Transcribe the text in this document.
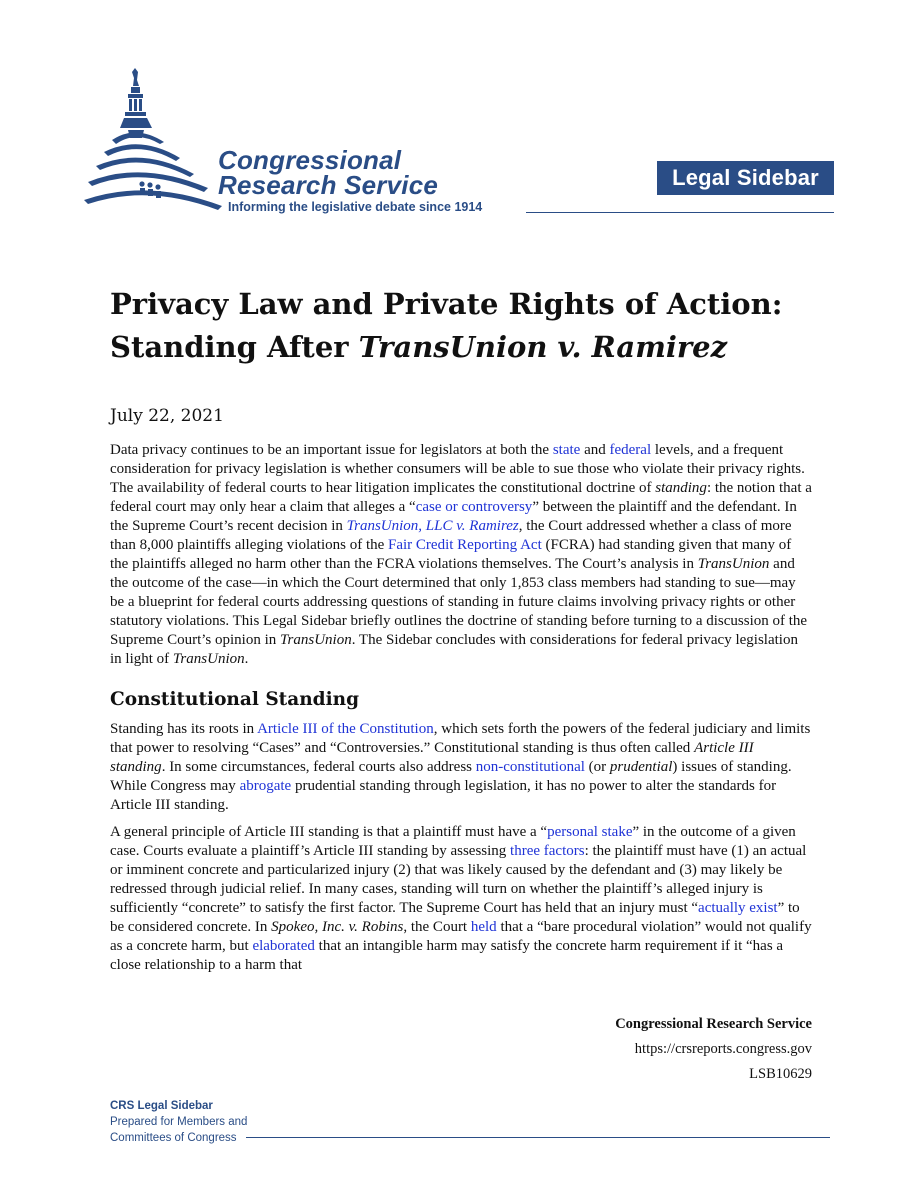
Congressional
Research Service
Informing the legislative debate since 1914
Legal Sidebar
Privacy Law and Private Rights of Action:
Standing After TransUnion v. Ramirez
July 22, 2021

Data privacy continues to be an important issue for legislators at both the state and federal levels, and a frequent consideration for privacy legislation is whether consumers will be able to sue those who violate their privacy rights. The availability of federal courts to hear litigation implicates the constitutional doctrine of standing: the notion that a federal court may only hear a claim that alleges a “case or controversy” between the plaintiff and the defendant. In the Supreme Court’s recent decision in TransUnion, LLC v. Ramirez, the Court addressed whether a class of more than 8,000 plaintiffs alleging violations of the Fair Credit Reporting Act (FCRA) had standing given that many of the plaintiffs alleged no harm other than the FCRA violations themselves. The Court’s analysis in TransUnion and the outcome of the case—in which the Court determined that only 1,853 class members had standing to sue—may be a blueprint for federal courts addressing questions of standing in future claims involving privacy rights or other statutory violations. This Legal Sidebar briefly outlines the doctrine of standing before turning to a discussion of the Supreme Court’s opinion in TransUnion. The Sidebar concludes with considerations for federal privacy legislation in light of TransUnion.

Constitutional Standing

Standing has its roots in Article III of the Constitution, which sets forth the powers of the federal judiciary and limits that power to resolving “Cases” and “Controversies.” Constitutional standing is thus often called Article III standing. In some circumstances, federal courts also address non-constitutional (or prudential) issues of standing. While Congress may abrogate prudential standing through legislation, it has no power to alter the standards for Article III standing.

A general principle of Article III standing is that a plaintiff must have a “personal stake” in the outcome of a given case. Courts evaluate a plaintiff’s Article III standing by assessing three factors: the plaintiff must have (1) an actual or imminent concrete and particularized injury (2) that was likely caused by the defendant and (3) may likely be redressed through judicial relief. In many cases, standing will turn on whether the plaintiff’s alleged injury is sufficiently “concrete” to satisfy the first factor. The Supreme Court has held that an injury must “actually exist” to be considered concrete. In Spokeo, Inc. v. Robins, the Court held that a “bare procedural violation” would not qualify as a concrete harm, but elaborated that an intangible harm may satisfy the concrete harm requirement if it “has a close relationship to a harm that

Congressional Research Service
https://crsreports.congress.gov
LSB10629
CRS Legal Sidebar
Prepared for Members and
Committees of Congress
